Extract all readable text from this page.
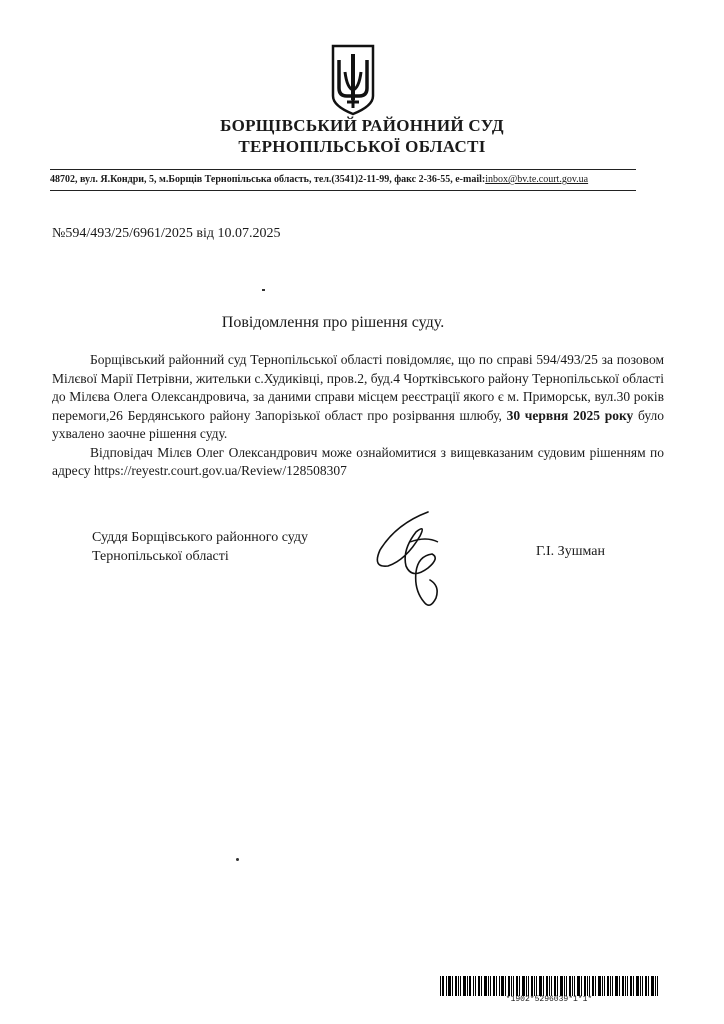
БОРЩІВСЬКИЙ РАЙОННИЙ СУД
ТЕРНОПІЛЬСЬКОЇ ОБЛАСТІ
48702, вул. Я.Кондри, 5, м.Борщів Тернопільська область, тел.(3541)2-11-99, факс 2-36-55, e-mail:inbox@bv.te.court.gov.ua
№594/493/25/6961/2025 від 10.07.2025
Повідомлення про рішення суду.

Борщівський районний суд Тернопільської області повідомляє, що по справі 594/493/25 за позовом Мілєвої Марії Петрівни, жительки с.Худиківці, пров.2, буд.4 Чортківського району Тернопільської області до Мілєва Олега Олександровича, за даними справи місцем реєстрації якого є м. Приморськ, вул.30 років перемоги,26 Бердянського району Запорізької област про розірвання шлюбу, 30 червня 2025 року було ухвалено заочне рішення суду.

Відповідач Мілєв Олег Олександрович може ознайомитися з вищевказаним судовим рішенням по адресу https://reyestr.court.gov.ua/Review/128508307

Суддя Борщівського районного суду
Тернопільської області	Г.І. Зушман
*1902*5296039*1*1*
